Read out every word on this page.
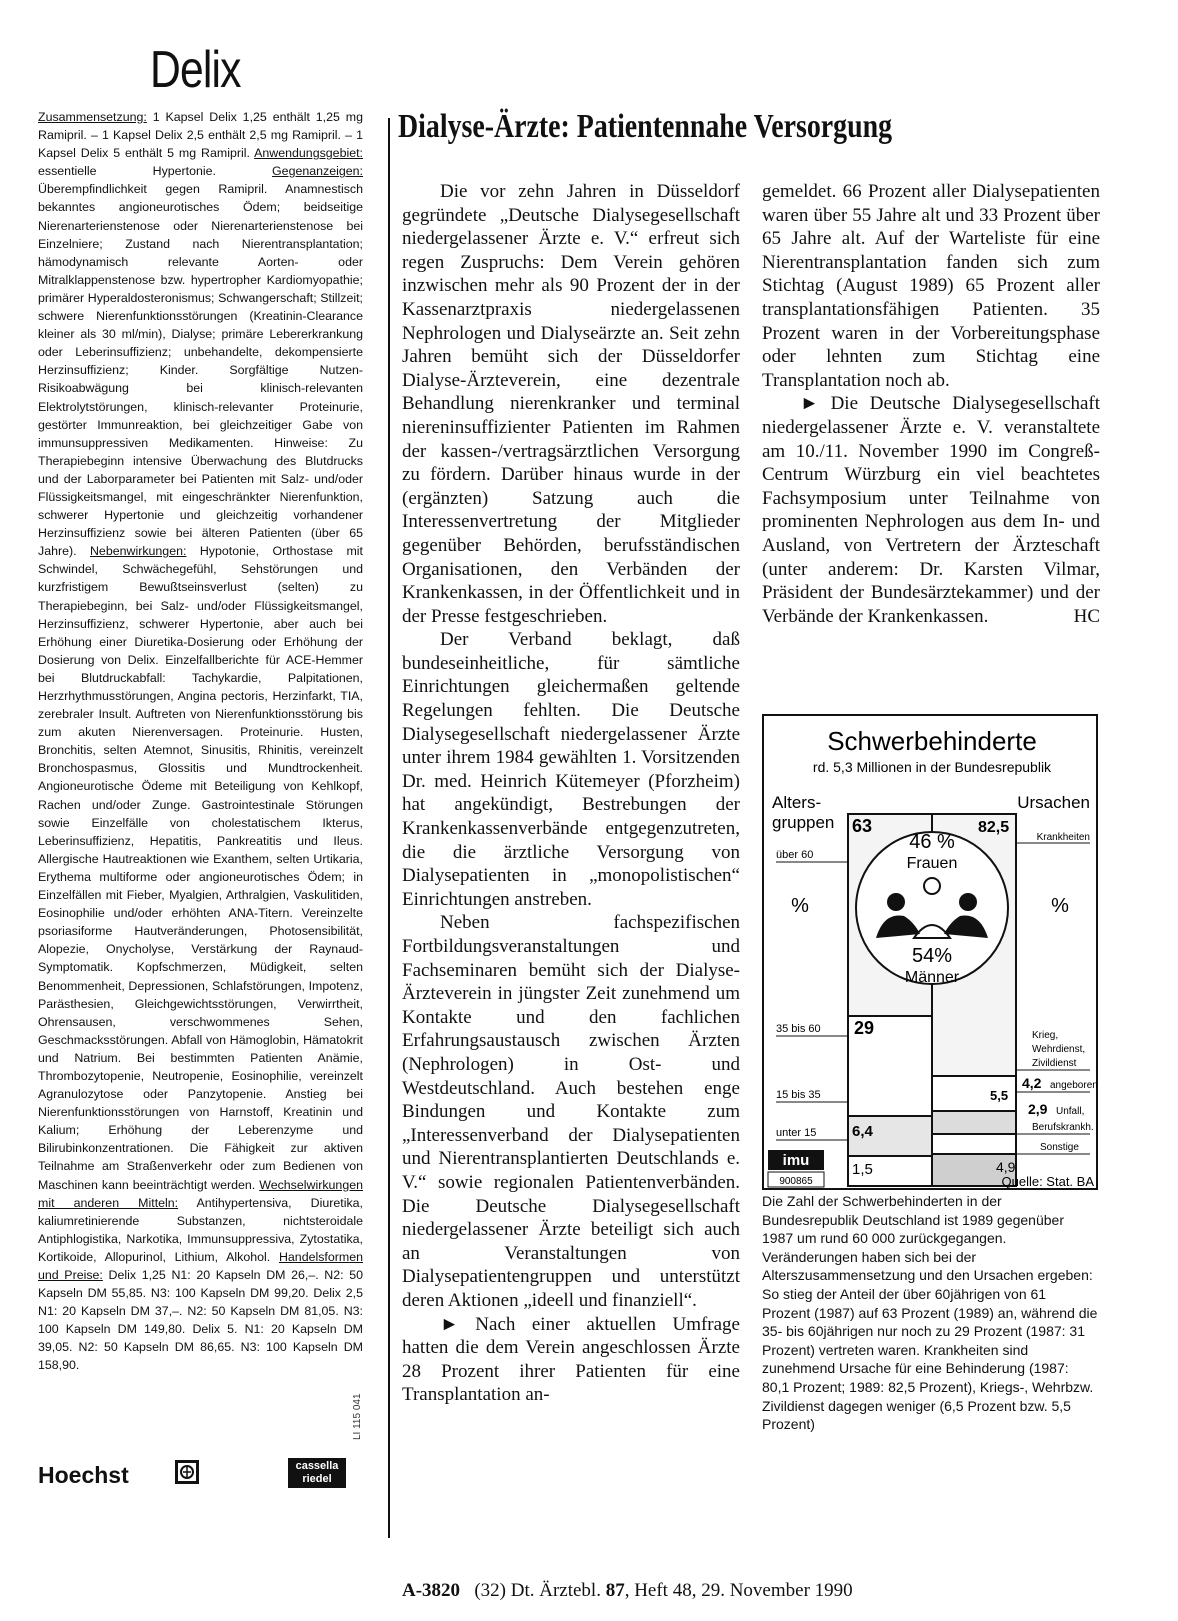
Delix
Zusammensetzung: 1 Kapsel Delix 1,25 enthält 1,25 mg Ramipril. – 1 Kapsel Delix 2,5 enthält 2,5 mg Ramipril. – 1 Kapsel Delix 5 enthält 5 mg Ramipril. Anwendungsgebiet: essentielle Hypertonie. Gegenanzeigen: Überempfindlichkeit gegen Ramipril. Anamnestisch bekanntes angioneurotisches Ödem; beidseitige Nierenarterienstenose oder Nierenarterienstenose bei Einzelniere; Zustand nach Nierentransplantation; hämodynamisch relevante Aorten- oder Mitralklappenstenose bzw. hypertropher Kardiomyopathie; primärer Hyperaldosteronismus; Schwangerschaft; Stillzeit; schwere Nierenfunktionsstörungen (Kreatinin-Clearance kleiner als 30 ml/min), Dialyse; primäre Lebererkrankung oder Leberinsuffizienz; unbehandelte, dekompensierte Herzinsuffizienz; Kinder. Sorgfältige Nutzen-Risikoabwägung bei klinisch-relevanten Elektrolytstörungen, klinisch-relevanter Proteinurie, gestörter Immunreaktion, bei gleichzeitiger Gabe von immunsuppressiven Medikamenten. Hinweise: Zu Therapiebeginn intensive Überwachung des Blutdrucks und der Laborparameter bei Patienten mit Salz- und/oder Flüssigkeitsmangel, mit eingeschränkter Nierenfunktion, schwerer Hypertonie und gleichzeitig vorhandener Herzinsuffizienz sowie bei älteren Patienten (über 65 Jahre). Nebenwirkungen: Hypotonie, Orthostase mit Schwindel, Schwächegefühl, Sehstörungen und kurzfristigem Bewußtseinsverlust (selten) zu Therapiebeginn, bei Salz- und/oder Flüssigkeitsmangel, Herzinsuffizienz, schwerer Hypertonie, aber auch bei Erhöhung einer Diuretika-Dosierung oder Erhöhung der Dosierung von Delix. Einzelfallberichte für ACE-Hemmer bei Blutdruckabfall: Tachykardie, Palpitationen, Herzrhythmusstörungen, Angina pectoris, Herzinfarkt, TIA, zerebraler Insult. Auftreten von Nierenfunktionsstörung bis zum akuten Nierenversagen. Proteinurie. Husten, Bronchitis, selten Atemnot, Sinusitis, Rhinitis, vereinzelt Bronchospasmus, Glossitis und Mundtrockenheit. Angioneurotische Ödeme mit Beteiligung von Kehlkopf, Rachen und/oder Zunge. Gastrointestinale Störungen sowie Einzelfälle von cholestatischem Ikterus, Leberinsuffizienz, Hepatitis, Pankreatitis und Ileus. Allergische Hautreaktionen wie Exanthem, selten Urtikaria, Erythema multiforme oder angioneurotisches Ödem; in Einzelfällen mit Fieber, Myalgien, Arthralgien, Vaskulitiden, Eosinophilie und/oder erhöhten ANA-Titern. Vereinzelte psoriasiforme Hautveränderungen, Photosensibilität, Alopezie, Onycholyse, Verstärkung der Raynaud-Symptomatik. Kopfschmerzen, Müdigkeit, selten Benommenheit, Depressionen, Schlafstörungen, Impotenz, Parästhesien, Gleichgewichtsstörungen, Verwirrtheit, Ohrensausen, verschwommenes Sehen, Geschmacksstörungen. Abfall von Hämoglobin, Hämatokrit und Natrium. Bei bestimmten Patienten Anämie, Thrombozytopenie, Neutropenie, Eosinophilie, vereinzelt Agranulozytose oder Panzytopenie. Anstieg bei Nierenfunktionsstörungen von Harnstoff, Kreatinin und Kalium; Erhöhung der Leberenzyme und Bilirubinkonzentrationen. Die Fähigkeit zur aktiven Teilnahme am Straßenverkehr oder zum Bedienen von Maschinen kann beeinträchtigt werden. Wechselwirkungen mit anderen Mitteln: Antihypertensiva, Diuretika, kaliumretinierende Substanzen, nichtsteroidale Antiphlogistika, Narkotika, Immunsuppressiva, Zytostatika, Kortikoide, Allopurinol, Lithium, Alkohol. Handelsformen und Preise: Delix 1,25 N1: 20 Kapseln DM 26,–. N2: 50 Kapseln DM 55,85. N3: 100 Kapseln DM 99,20. Delix 2,5 N1: 20 Kapseln DM 37,–. N2: 50 Kapseln DM 81,05. N3: 100 Kapseln DM 149,80. Delix 5. N1: 20 Kapseln DM 39,05. N2: 50 Kapseln DM 86,65. N3: 100 Kapseln DM 158,90.
LI 115 041
Hoechst	cassella
riedel
Dialyse-Ärzte: Patientennahe Versorgung

Die vor zehn Jahren in Düsseldorf gegründete „Deutsche Dialysegesellschaft niedergelassener Ärzte e. V.“ erfreut sich regen Zuspruchs: Dem Verein gehören inzwischen mehr als 90 Prozent der in der Kassenarztpraxis niedergelassenen Nephrologen und Dialyseärzte an. Seit zehn Jahren bemüht sich der Düsseldorfer Dialyse-Ärzteverein, eine dezentrale Behandlung nierenkranker und terminal niereninsuffizienter Patienten im Rahmen der kassen-/vertragsärztlichen Versorgung zu fördern. Darüber hinaus wurde in der (ergänzten) Satzung auch die Interessenvertretung der Mitglieder gegenüber Behörden, berufsständischen Organisationen, den Verbänden der Krankenkassen, in der Öffentlichkeit und in der Presse festgeschrieben.

Der Verband beklagt, daß bundeseinheitliche, für sämtliche Einrichtungen gleichermaßen geltende Regelungen fehlten. Die Deutsche Dialysegesellschaft niedergelassener Ärzte unter ihrem 1984 gewählten 1. Vorsitzenden Dr. med. Heinrich Kütemeyer (Pforzheim) hat angekündigt, Bestrebungen der Krankenkassenverbände entgegenzutreten, die die ärztliche Versorgung von Dialysepatienten in „monopolistischen“ Einrichtungen anstreben.

Neben fachspezifischen Fortbildungsveranstaltungen und Fachseminaren bemüht sich der Dialyse-Ärzteverein in jüngster Zeit zunehmend um Kontakte und den fachlichen Erfahrungsaustausch zwischen Ärzten (Nephrologen) in Ost- und Westdeutschland. Auch bestehen enge Bindungen und Kontakte zum „Interessenverband der Dialysepatienten und Nierentransplantierten Deutschlands e. V.“ sowie regionalen Patientenverbänden. Die Deutsche Dialysegesellschaft niedergelassener Ärzte beteiligt sich auch an Veranstaltungen von Dialysepatientengruppen und unterstützt deren Aktionen „ideell und finanziell“.

► Nach einer aktuellen Umfrage hatten die dem Verein angeschlossen Ärzte 28 Prozent ihrer Patienten für eine Transplantation an-

gemeldet. 66 Prozent aller Dialysepatienten waren über 55 Jahre alt und 33 Prozent über 65 Jahre alt. Auf der Warteliste für eine Nierentransplantation fanden sich zum Stichtag (August 1989) 65 Prozent aller transplantationsfähigen Patienten. 35 Prozent waren in der Vorbereitungsphase oder lehnten zum Stichtag eine Transplantation noch ab.

► Die Deutsche Dialysegesellschaft niedergelassener Ärzte e. V. veranstaltete am 10./11. November 1990 im Congreß-Centrum Würzburg ein viel beachtetes Fachsymposium unter Teilnahme von prominenten Nephrologen aus dem In- und Ausland, von Vertretern der Ärzteschaft (unter anderem: Dr. Karsten Vilmar, Präsident der Bundesärztekammer) und der Verbände der Krankenkassen.	HC

Schwerbehinderte
rd. 5,3 Millionen in der Bundesrepublik
Alters-
gruppen
Ursachen
%	%
46 %
Frauen
54%
Männer
über 60
63
35 bis 60 29
15 bis 35
unter 15 6,4
1,5
82,5
Krankheiten
Krieg,
Wehrdienst,
Zivildienst
5,5
4,2 angeboren
2,9 Unfall,
Berufskrankh.
Sonstige
4,9
imu
900865	Quelle: Stat. BA
Die Zahl der Schwerbehinderten in der Bundesrepublik Deutschland ist 1989 gegenüber 1987 um rund 60 000 zurückgegangen. Veränderungen haben sich bei der Alterszusammensetzung und den Ursachen ergeben: So stieg der Anteil der über 60jährigen von 61 Prozent (1987) auf 63 Prozent (1989) an, während die 35- bis 60jährigen nur noch zu 29 Prozent (1987: 31 Prozent) vertreten waren. Krankheiten sind zunehmend Ursache für eine Behinderung (1987: 80,1 Prozent; 1989: 82,5 Prozent), Kriegs-, Wehrbzw. Zivildienst dagegen weniger (6,5 Prozent bzw. 5,5 Prozent)
A-3820 (32) Dt. Ärztebl. 87, Heft 48, 29. November 1990
